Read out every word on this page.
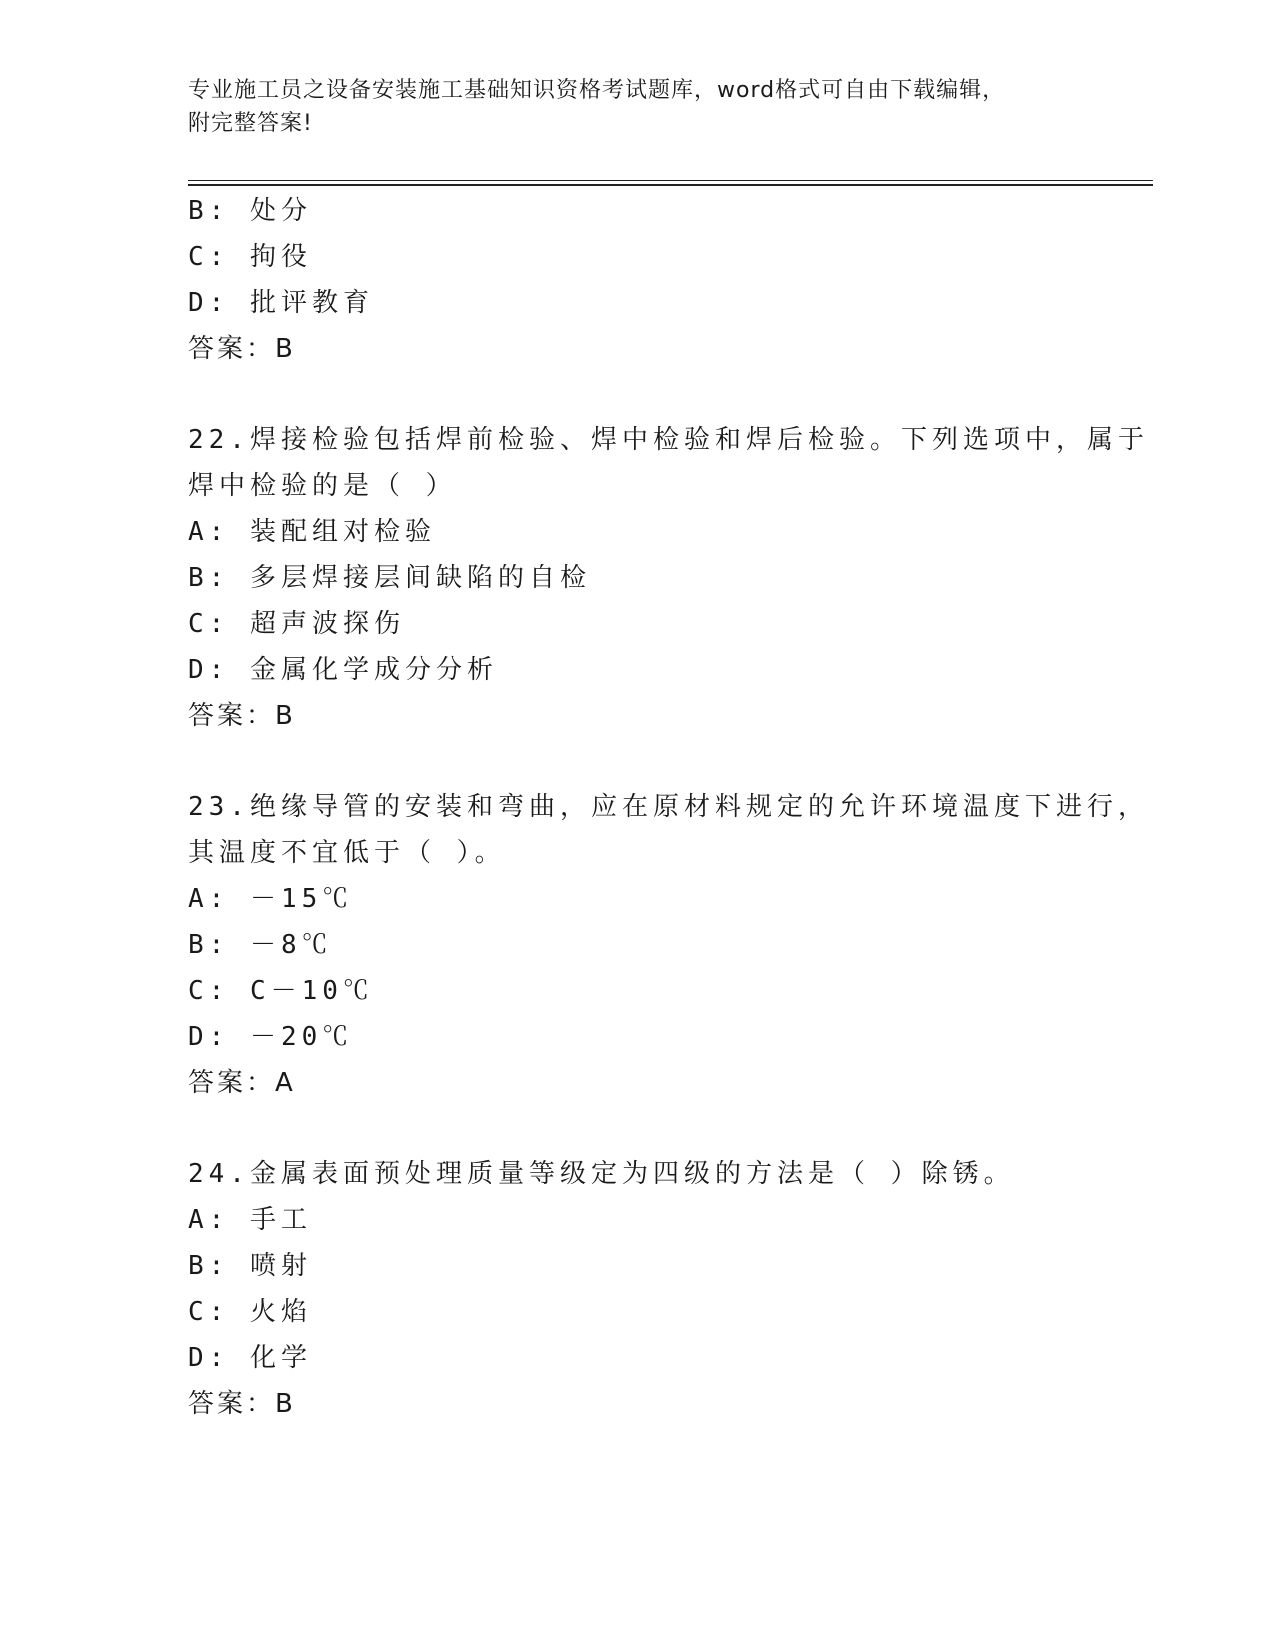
专业施工员之设备安装施工基础知识资格考试题库，word格式可自由下载编辑，
附完整答案!
B: 处分
C: 拘役
D: 批评教育
答案：B
22.焊接检验包括焊前检验、焊中检验和焊后检验。下列选项中，属于
焊中检验的是（ ）
A: 装配组对检验
B: 多层焊接层间缺陷的自检
C: 超声波探伤
D: 金属化学成分分析
答案：B
23.绝缘导管的安装和弯曲，应在原材料规定的允许环境温度下进行，
其温度不宜低于（ ）。
A: －15℃
B: －8℃
C: C－10℃
D: －20℃
答案：A
24.金属表面预处理质量等级定为四级的方法是（ ）除锈。
A: 手工
B: 喷射
C: 火焰
D: 化学
答案：B
